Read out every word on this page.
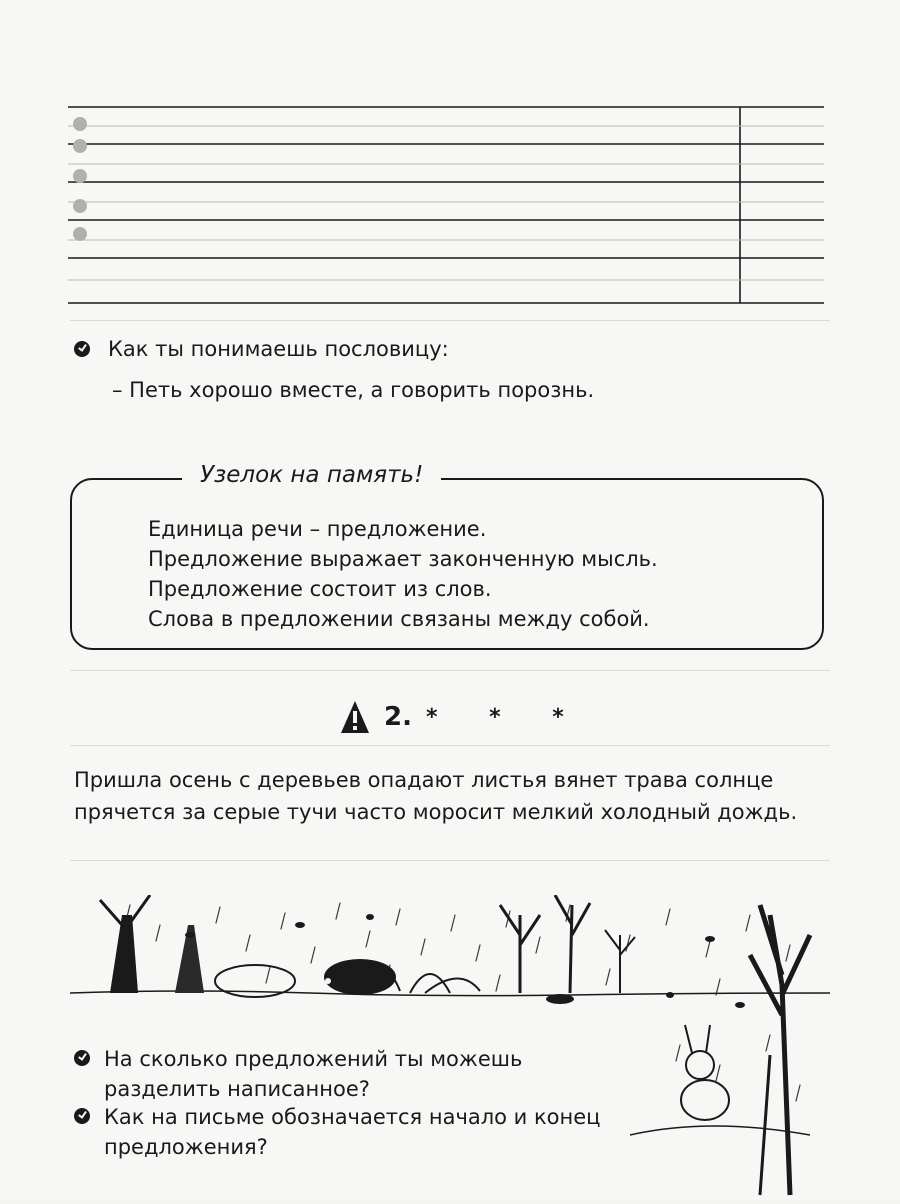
Как ты понимаешь пословицу:
– Петь хорошо вместе, а говорить порознь.
Узелок на память!
Единица речи – предложение.
Предложение выражает законченную мысль.
Предложение состоит из слов.
Слова в предложении связаны между собой.
2. * * *
Пришла осень с деревьев опадают листья вянет трава солнце прячется за серые тучи часто моросит мелкий холодный дождь.
На сколько предложений ты можешь разделить написанное?
Как на письме обозначается начало и конец предложения?
